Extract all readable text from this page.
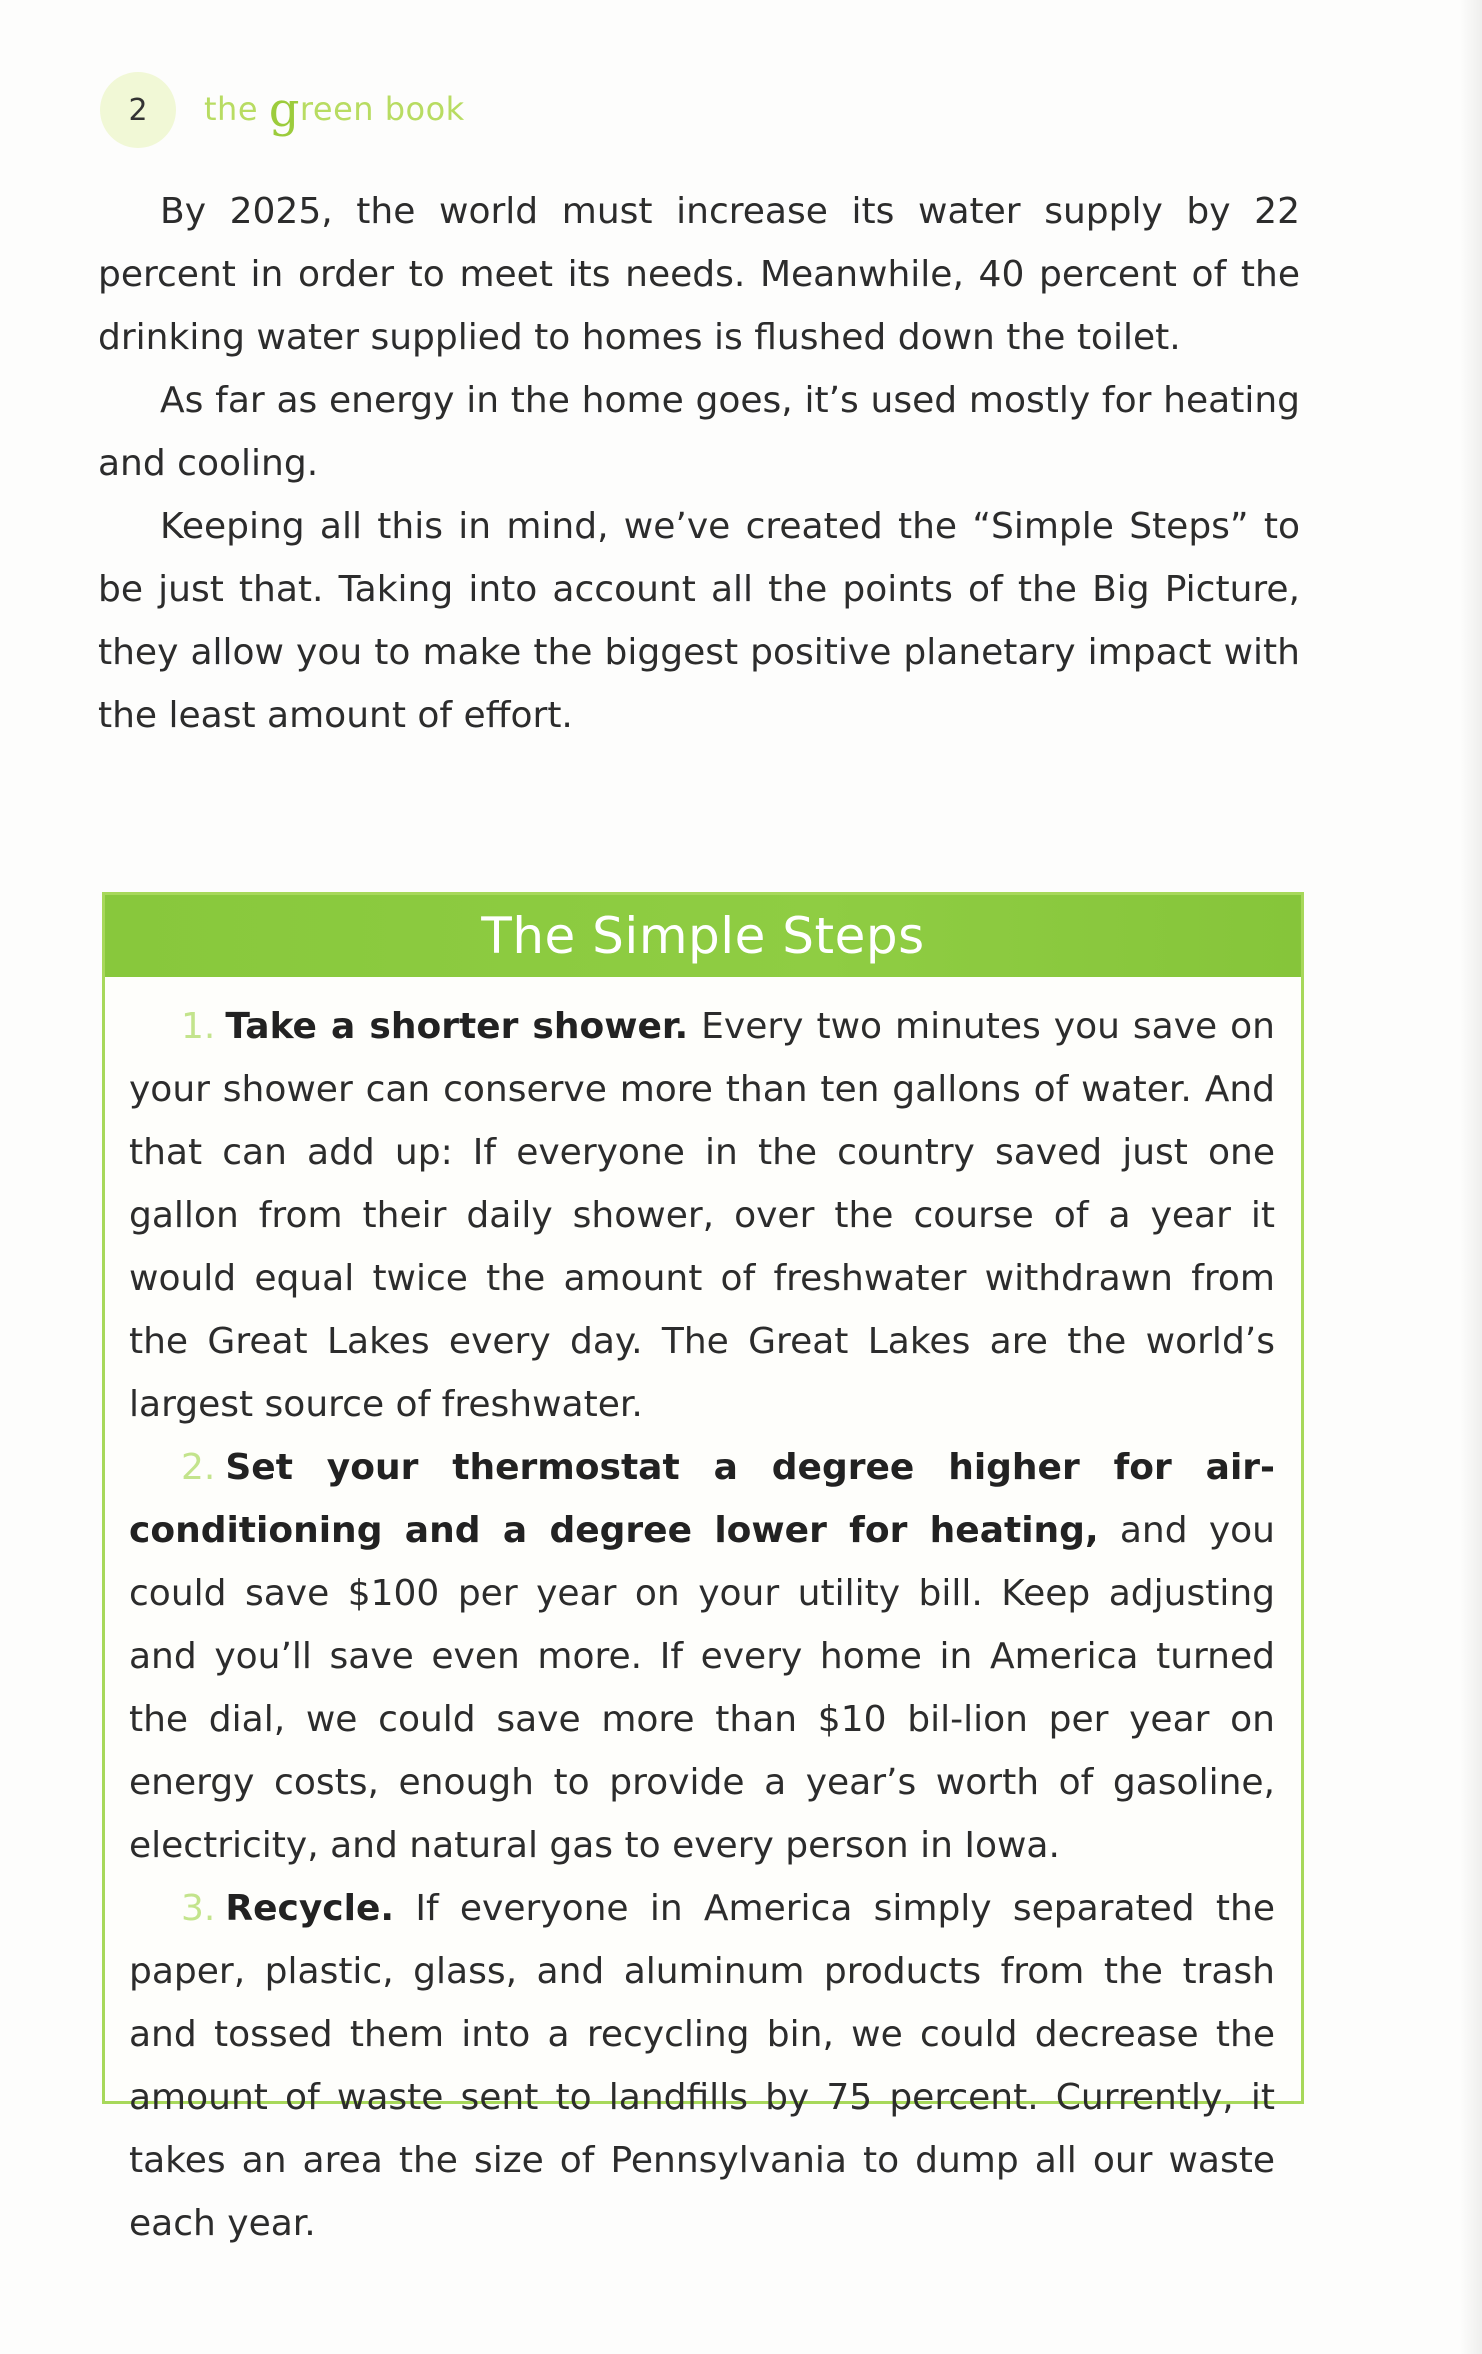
2 the green book

By 2025, the world must increase its water supply by 22 percent in order to meet its needs. Meanwhile, 40 percent of the drinking water supplied to homes is flushed down the toilet.

As far as energy in the home goes, it’s used mostly for heating and cooling.

Keeping all this in mind, we’ve created the “Simple Steps” to be just that. Taking into account all the points of the Big Picture, they allow you to make the biggest positive planetary impact with the least amount of effort.

The Simple Steps

1. Take a shorter shower. Every two minutes you save on your shower can conserve more than ten gallons of water. And that can add up: If everyone in the country saved just one gallon from their daily shower, over the course of a year it would equal twice the amount of freshwater withdrawn from the Great Lakes every day. The Great Lakes are the world’s largest source of freshwater.

2. Set your thermostat a degree higher for air-conditioning and a degree lower for heating, and you could save $100 per year on your utility bill. Keep adjusting and you’ll save even more. If every home in America turned the dial, we could save more than $10 bil-lion per year on energy costs, enough to provide a year’s worth of gasoline, electricity, and natural gas to every person in Iowa.

3. Recycle. If everyone in America simply separated the paper, plastic, glass, and aluminum products from the trash and tossed them into a recycling bin, we could decrease the amount of waste sent to landfills by 75 percent. Currently, it takes an area the size of Pennsylvania to dump all our waste each year.
